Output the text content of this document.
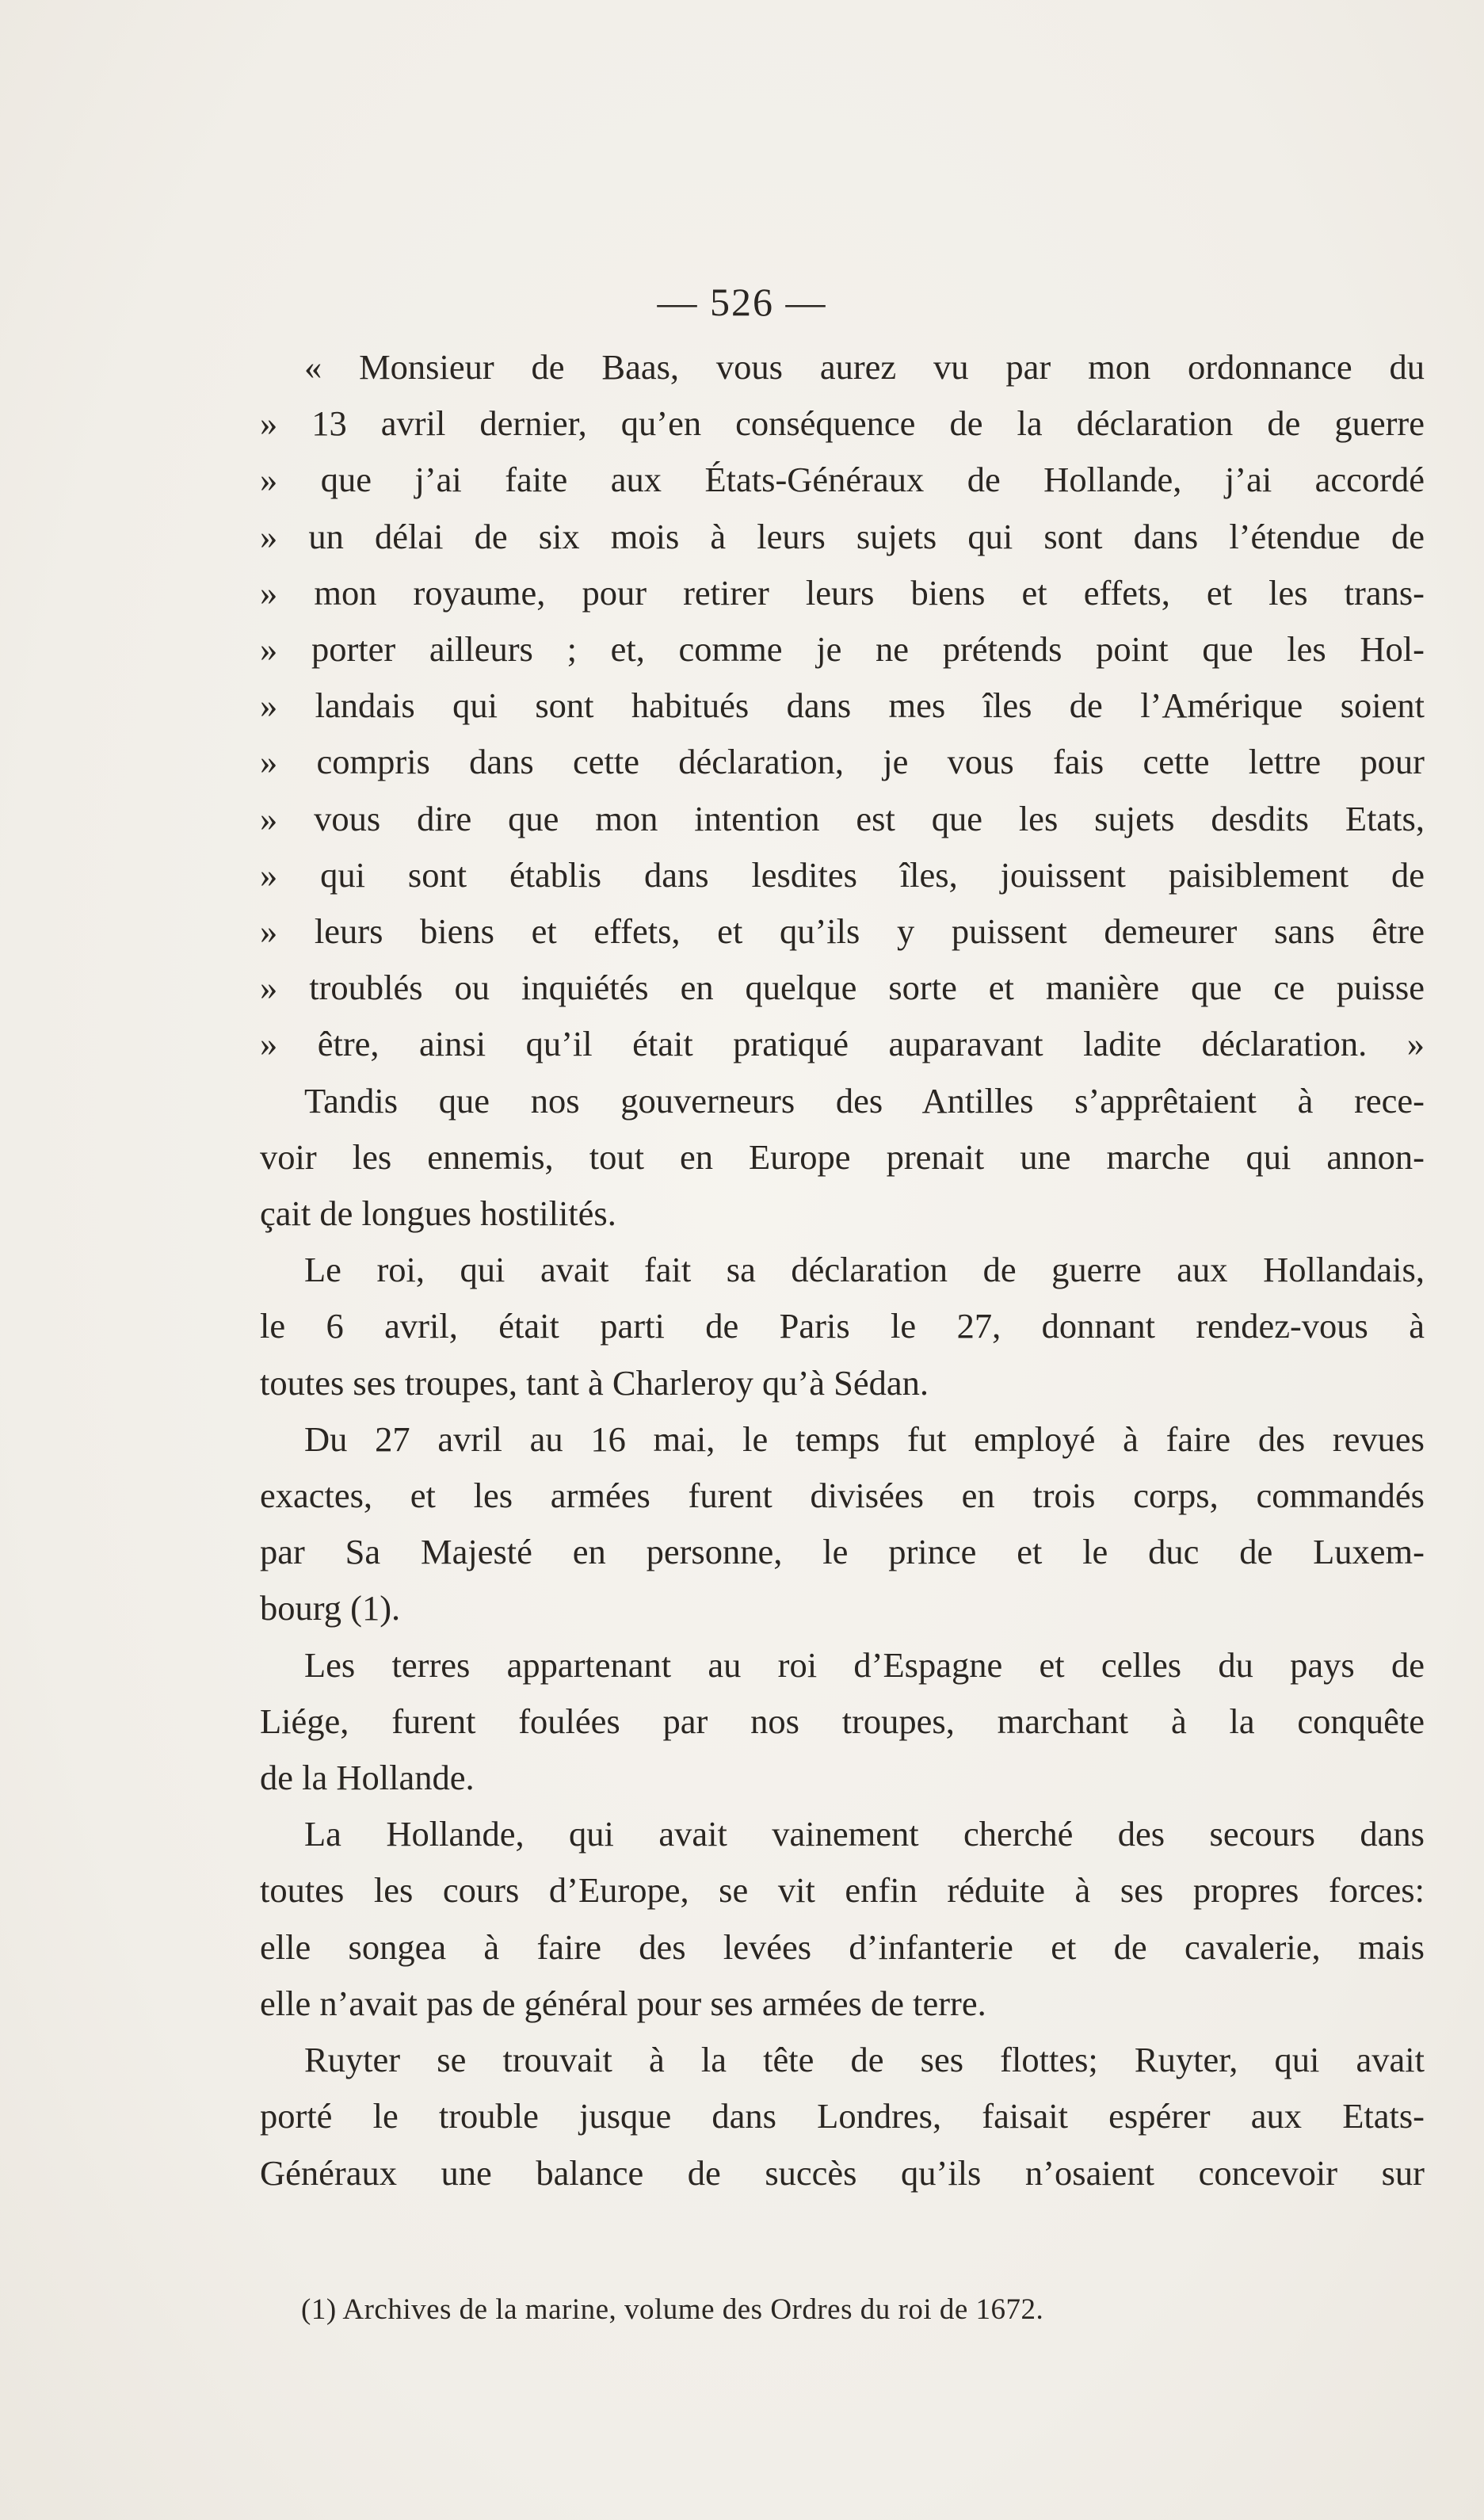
— 526 —
« Monsieur de Baas, vous aurez vu par mon ordonnance du
» 13 avril dernier, qu’en conséquence de la déclaration de guerre
» que j’ai faite aux États-Généraux de Hollande, j’ai accordé
» un délai de six mois à leurs sujets qui sont dans l’étendue de
» mon royaume, pour retirer leurs biens et effets, et les trans-
» porter ailleurs ; et, comme je ne prétends point que les Hol-
» landais qui sont habitués dans mes îles de l’Amérique soient
» compris dans cette déclaration, je vous fais cette lettre pour
» vous dire que mon intention est que les sujets desdits Etats,
» qui sont établis dans lesdites îles, jouissent paisiblement de
» leurs biens et effets, et qu’ils y puissent demeurer sans être
» troublés ou inquiétés en quelque sorte et manière que ce puisse
» être, ainsi qu’il était pratiqué auparavant ladite déclaration. »
Tandis que nos gouverneurs des Antilles s’apprêtaient à rece-
voir les ennemis, tout en Europe prenait une marche qui annon-
çait de longues hostilités.
Le roi, qui avait fait sa déclaration de guerre aux Hollandais,
le 6 avril, était parti de Paris le 27, donnant rendez-vous à
toutes ses troupes, tant à Charleroy qu’à Sédan.
Du 27 avril au 16 mai, le temps fut employé à faire des revues
exactes, et les armées furent divisées en trois corps, commandés
par Sa Majesté en personne, le prince et le duc de Luxem-
bourg (1).
Les terres appartenant au roi d’Espagne et celles du pays de
Liége, furent foulées par nos troupes, marchant à la conquête
de la Hollande.
La Hollande, qui avait vainement cherché des secours dans
toutes les cours d’Europe, se vit enfin réduite à ses propres forces:
elle songea à faire des levées d’infanterie et de cavalerie, mais
elle n’avait pas de général pour ses armées de terre.
Ruyter se trouvait à la tête de ses flottes; Ruyter, qui avait
porté le trouble jusque dans Londres, faisait espérer aux Etats-
Généraux une balance de succès qu’ils n’osaient concevoir sur
(1) Archives de la marine, volume des Ordres du roi de 1672.
